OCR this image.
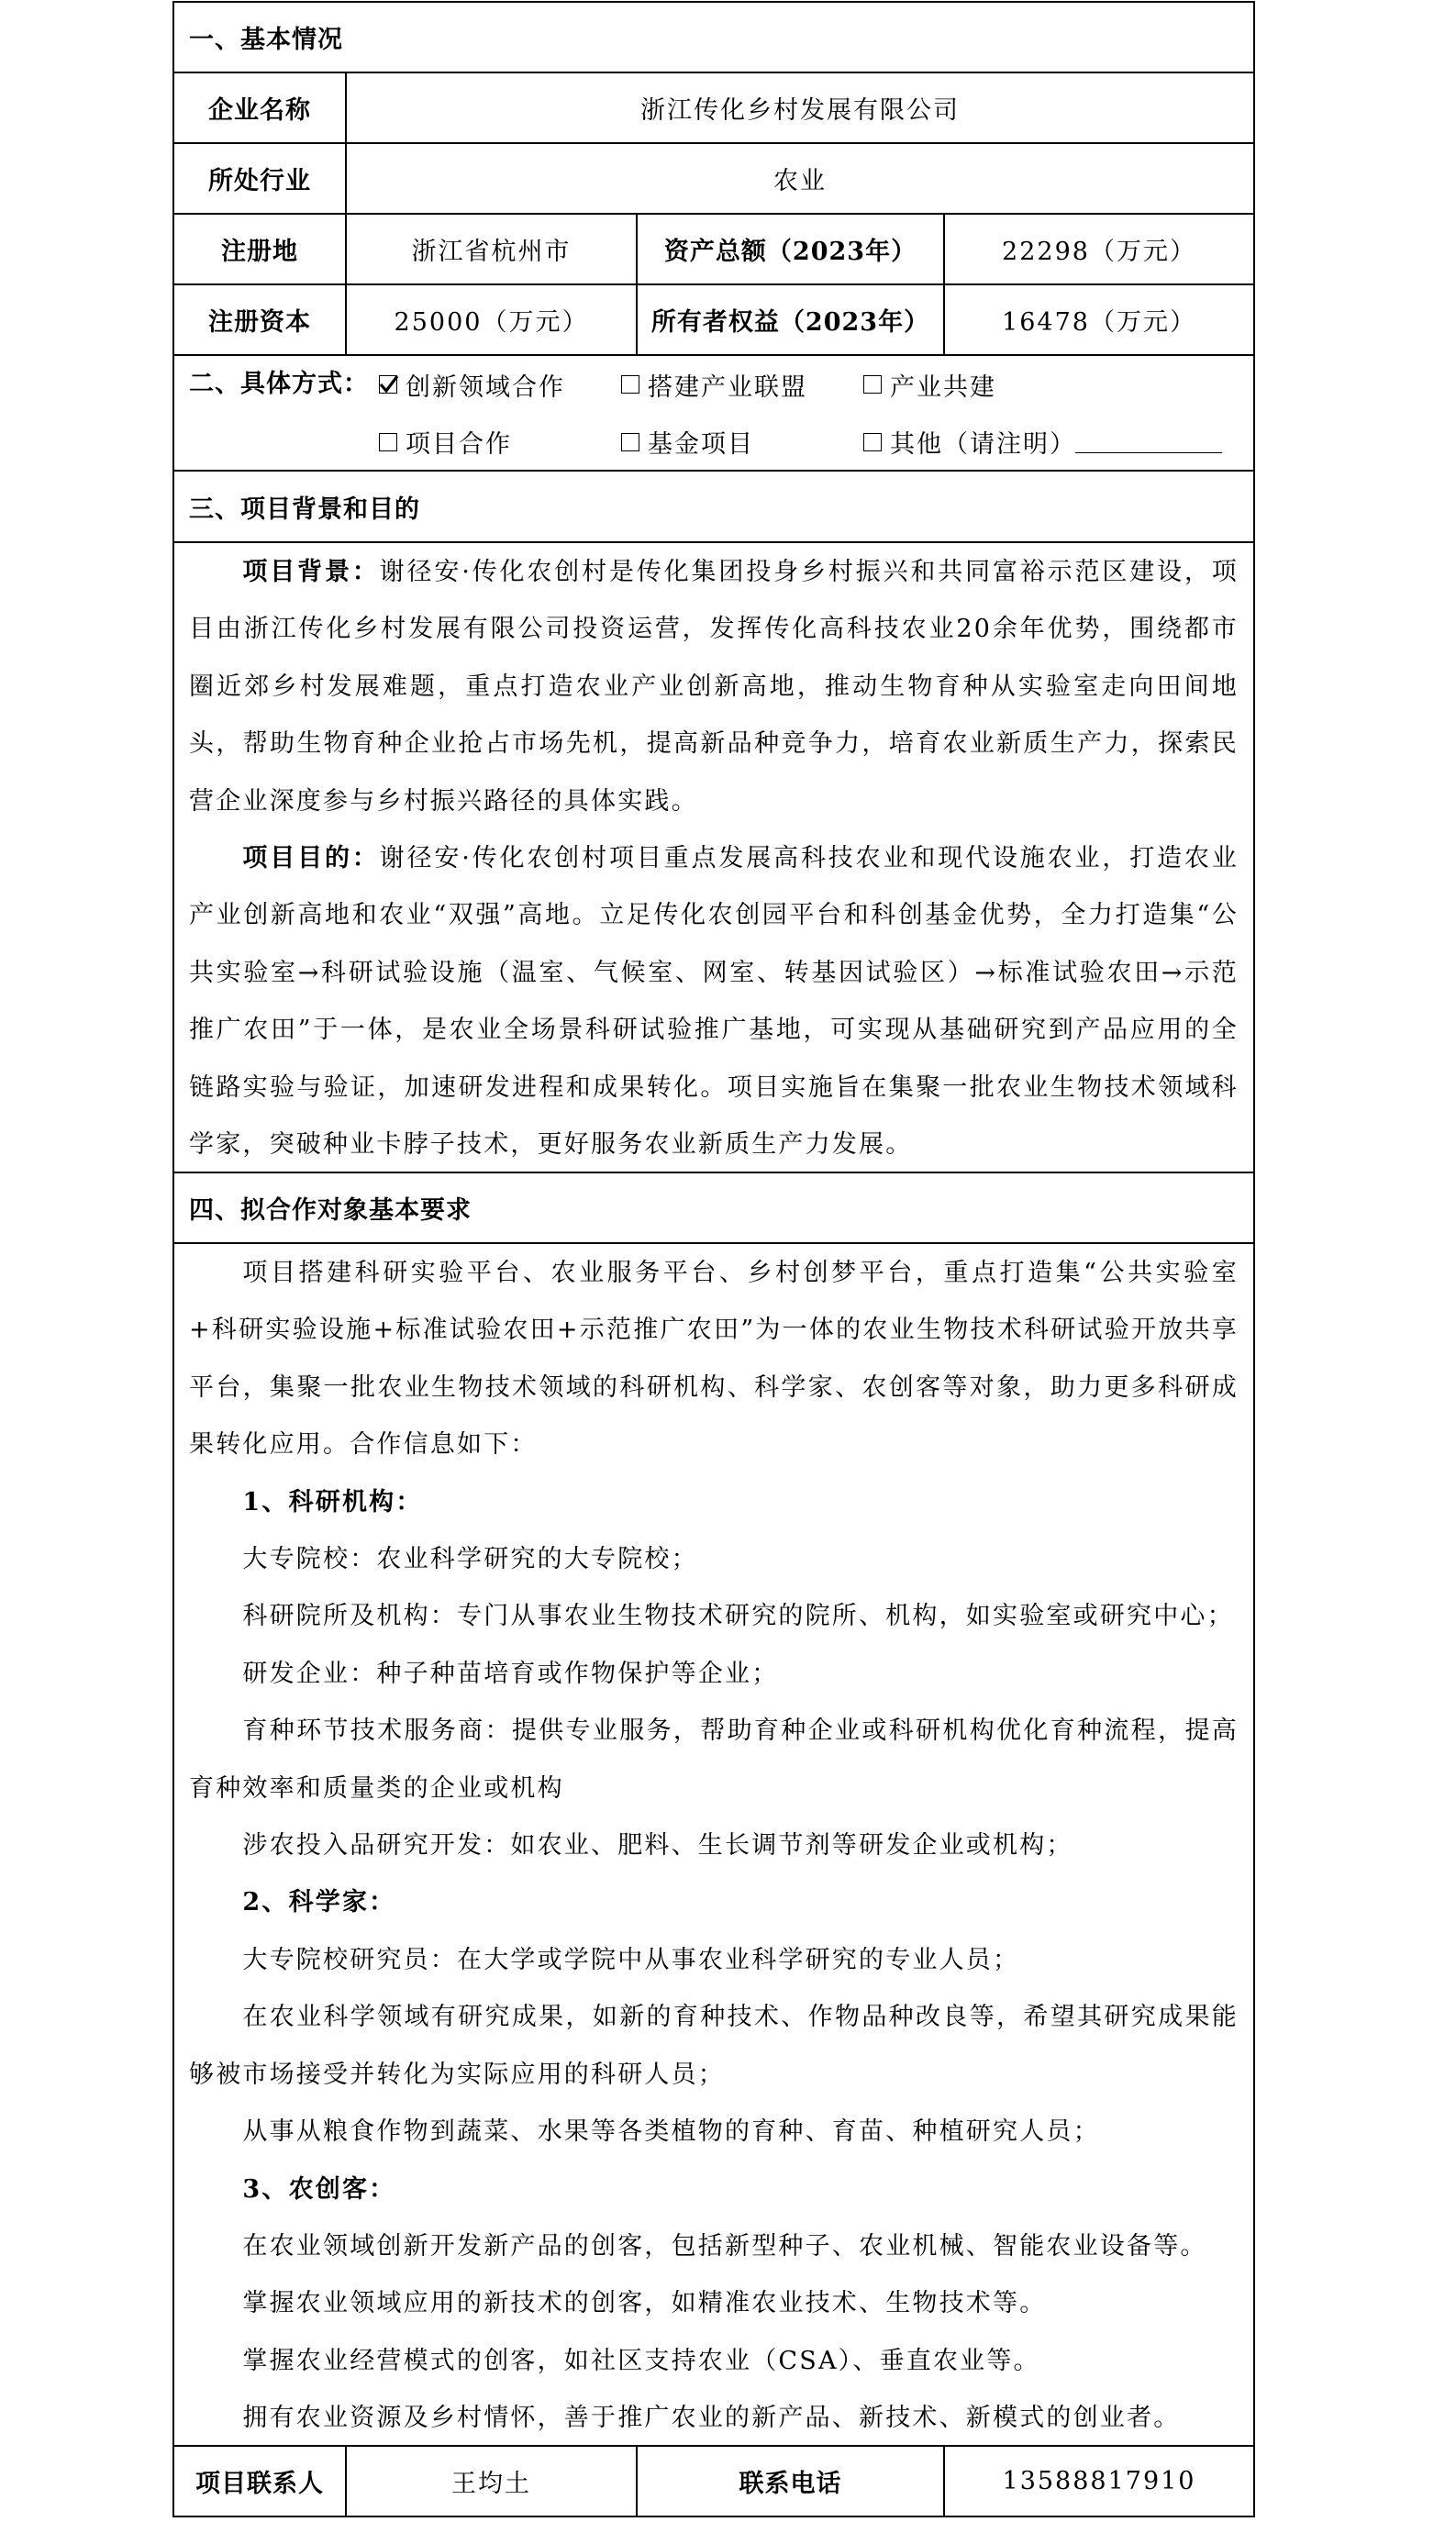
一、基本情况
企业名称	浙江传化乡村发展有限公司
所处行业	农业
注册地	浙江省杭州市	资产总额（2023年）	22298（万元）
注册资本	25000（万元）	所有者权益（2023年）	16478（万元）
二、具体方式： 创新领域合作	搭建产业联盟	产业共建
项目合作	基金项目	其他（请注明）
三、项目背景和目的

项目背景：谢径安·传化农创村是传化集团投身乡村振兴和共同富裕示范区建设，项目由浙江传化乡村发展有限公司投资运营，发挥传化高科技农业20余年优势，围绕都市圈近郊乡村发展难题，重点打造农业产业创新高地，推动生物育种从实验室走向田间地头，帮助生物育种企业抢占市场先机，提高新品种竞争力，培育农业新质生产力，探索民营企业深度参与乡村振兴路径的具体实践。

项目目的：谢径安·传化农创村项目重点发展高科技农业和现代设施农业，打造农业产业创新高地和农业“双强”高地。立足传化农创园平台和科创基金优势，全力打造集“公共实验室→科研试验设施（温室、气候室、网室、转基因试验区）→标准试验农田→示范推广农田”于一体，是农业全场景科研试验推广基地，可实现从基础研究到产品应用的全链路实验与验证，加速研发进程和成果转化。项目实施旨在集聚一批农业生物技术领域科学家，突破种业卡脖子技术，更好服务农业新质生产力发展。

四、拟合作对象基本要求

项目搭建科研实验平台、农业服务平台、乡村创梦平台，重点打造集“公共实验室+科研实验设施+标准试验农田+示范推广农田”为一体的农业生物技术科研试验开放共享平台，集聚一批农业生物技术领域的科研机构、科学家、农创客等对象，助力更多科研成果转化应用。合作信息如下：

1、科研机构：

大专院校：农业科学研究的大专院校；

科研院所及机构：专门从事农业生物技术研究的院所、机构，如实验室或研究中心；

研发企业：种子种苗培育或作物保护等企业；

育种环节技术服务商：提供专业服务，帮助育种企业或科研机构优化育种流程，提高育种效率和质量类的企业或机构

涉农投入品研究开发：如农业、肥料、生长调节剂等研发企业或机构；

2、科学家：

大专院校研究员：在大学或学院中从事农业科学研究的专业人员；

在农业科学领域有研究成果，如新的育种技术、作物品种改良等，希望其研究成果能够被市场接受并转化为实际应用的科研人员；

从事从粮食作物到蔬菜、水果等各类植物的育种、育苗、种植研究人员；

3、农创客：

在农业领域创新开发新产品的创客，包括新型种子、农业机械、智能农业设备等。

掌握农业领域应用的新技术的创客，如精准农业技术、生物技术等。

掌握农业经营模式的创客，如社区支持农业（CSA）、垂直农业等。

拥有农业资源及乡村情怀，善于推广农业的新产品、新技术、新模式的创业者。

项目联系人	王均土	联系电话	13588817910
